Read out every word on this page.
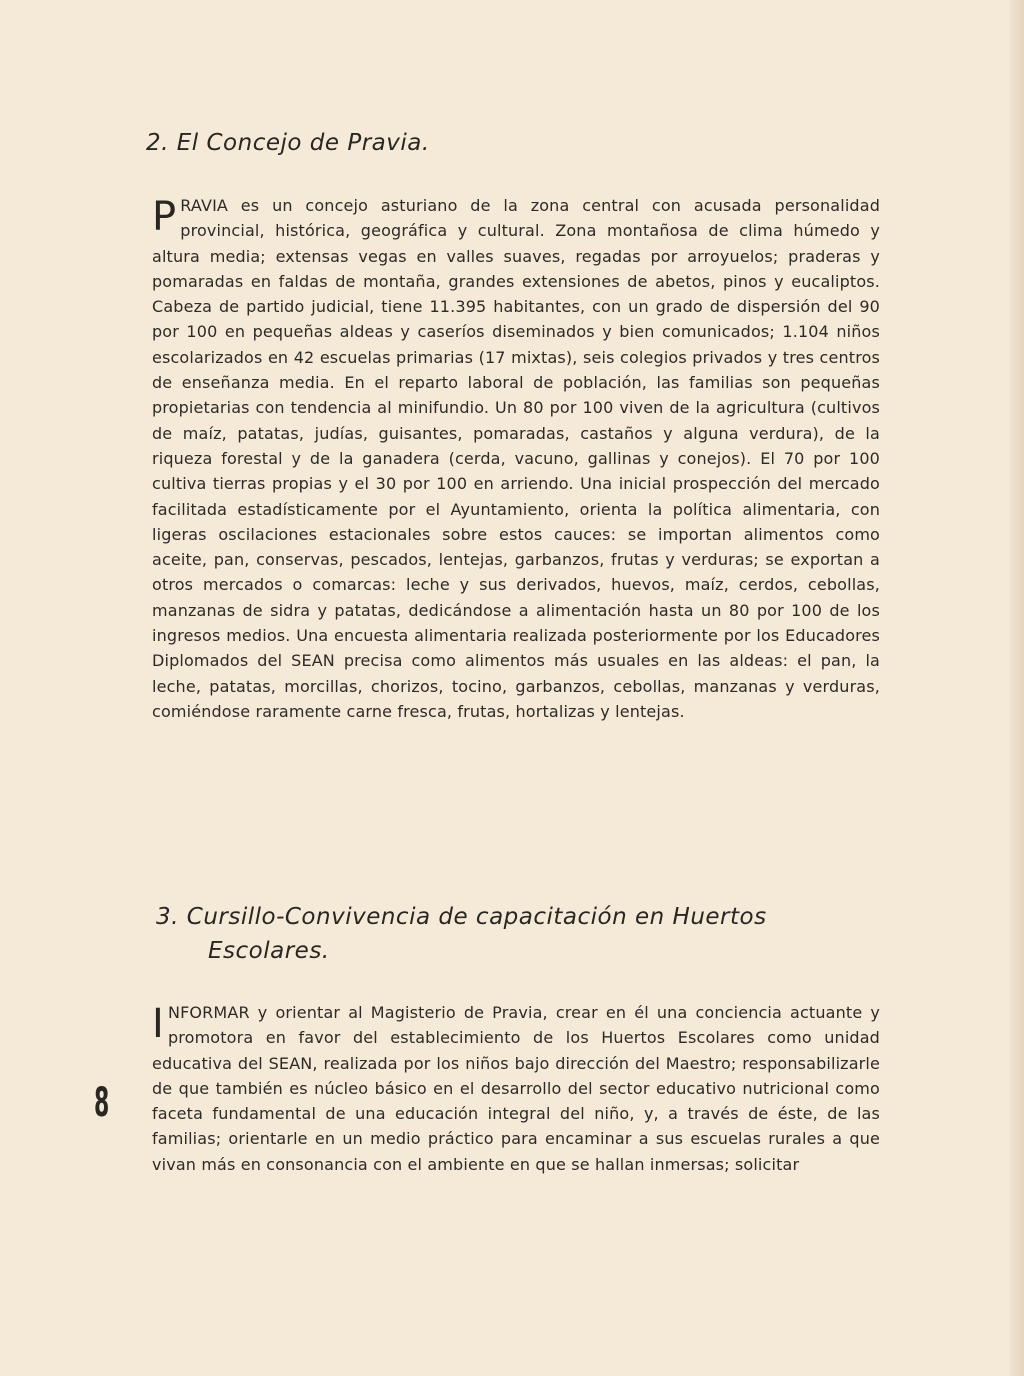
8
2. El Concejo de Pravia.

PRAVIA es un concejo asturiano de la zona central con acusada personalidad provincial, histórica, geográfica y cultural. Zona montañosa de clima húmedo y altura media; extensas vegas en valles suaves, regadas por arroyuelos; praderas y pomaradas en faldas de montaña, grandes extensiones de abetos, pinos y eucaliptos. Cabeza de partido judicial, tiene 11.395 habitantes, con un grado de dispersión del 90 por 100 en pequeñas aldeas y caseríos diseminados y bien comunicados; 1.104 niños escolarizados en 42 escuelas primarias (17 mixtas), seis colegios privados y tres centros de enseñanza media. En el reparto laboral de población, las familias son pequeñas propietarias con tendencia al minifundio. Un 80 por 100 viven de la agricultura (cultivos de maíz, patatas, judías, guisantes, pomaradas, castaños y alguna verdura), de la riqueza forestal y de la ganadera (cerda, vacuno, gallinas y conejos). El 70 por 100 cultiva tierras propias y el 30 por 100 en arriendo. Una inicial prospección del mercado facilitada estadísticamente por el Ayuntamiento, orienta la política alimentaria, con ligeras oscilaciones estacionales sobre estos cauces: se importan alimentos como aceite, pan, conservas, pescados, lentejas, garbanzos, frutas y verduras; se exportan a otros mercados o comarcas: leche y sus derivados, huevos, maíz, cerdos, cebollas, manzanas de sidra y patatas, dedicándose a alimentación hasta un 80 por 100 de los ingresos medios. Una encuesta alimentaria realizada posteriormente por los Educadores Diplomados del SEAN precisa como alimentos más usuales en las aldeas: el pan, la leche, patatas, morcillas, chorizos, tocino, garbanzos, cebollas, manzanas y verduras, comiéndose raramente carne fresca, frutas, hortalizas y lentejas.

3. Cursillo-Convivencia de capacitación en Huertos
Escolares.

INFORMAR y orientar al Magisterio de Pravia, crear en él una conciencia actuante y promotora en favor del establecimiento de los Huertos Escolares como unidad educativa del SEAN, realizada por los niños bajo dirección del Maestro; responsabilizarle de que también es núcleo básico en el desarrollo del sector educativo nutricional como faceta fundamental de una educación integral del niño, y, a través de éste, de las familias; orientarle en un medio práctico para encaminar a sus escuelas rurales a que vivan más en consonancia con el ambiente en que se hallan inmersas; solicitar
